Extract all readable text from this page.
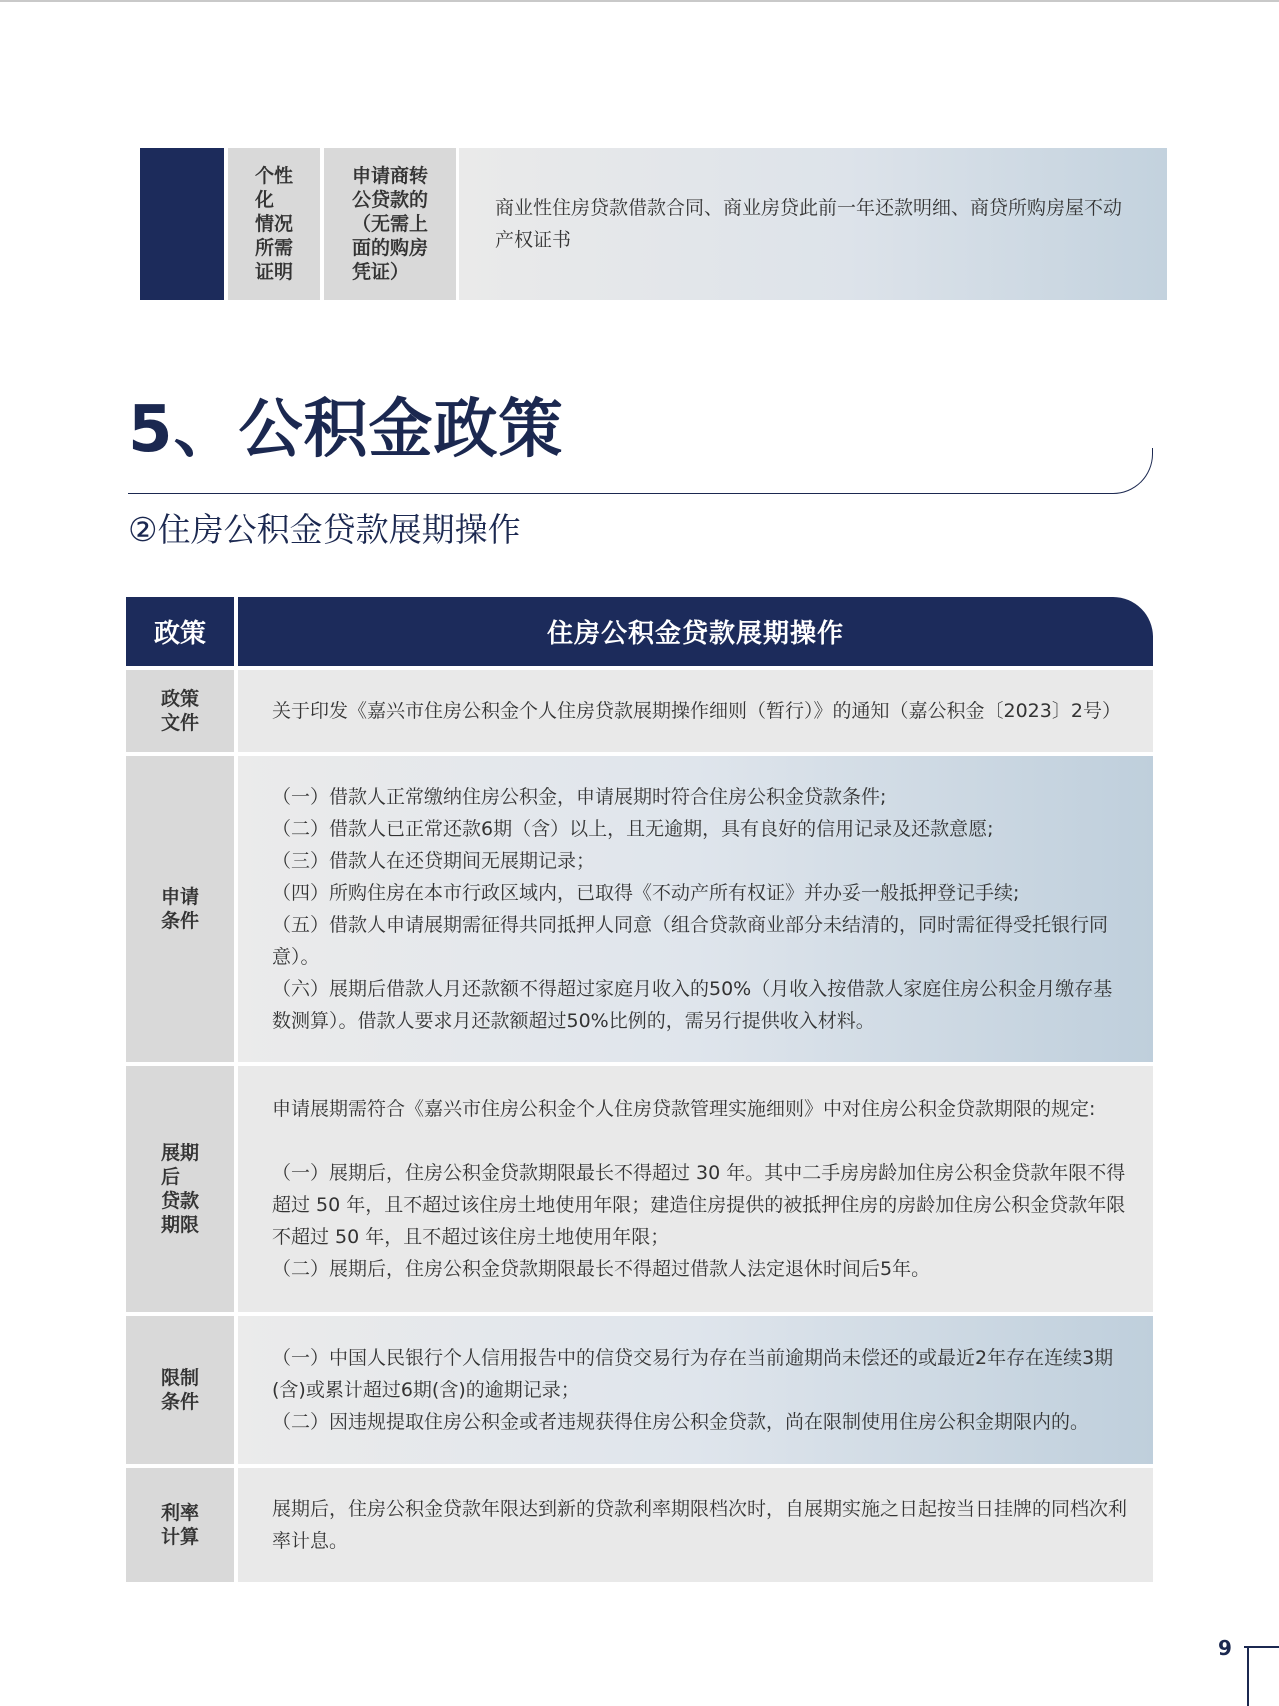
个性
化
情况
所需
证明
申请商转
公贷款的
（无需上
面的购房
凭证）
商业性住房贷款借款合同、商业房贷此前一年还款明细、商贷所购房屋不动产权证书
5、公积金政策
②住房公积金贷款展期操作
政策	住房公积金贷款展期操作
政策
文件

关于印发《嘉兴市住房公积金个人住房贷款展期操作细则（暂行）》的通知（嘉公积金〔2023〕2号）

申请
条件

（一）借款人正常缴纳住房公积金，申请展期时符合住房公积金贷款条件;

（二）借款人已正常还款6期（含）以上，且无逾期，具有良好的信用记录及还款意愿;

（三）借款人在还贷期间无展期记录；

（四）所购住房在本市行政区域内，已取得《不动产所有权证》并办妥一般抵押登记手续;

（五）借款人申请展期需征得共同抵押人同意（组合贷款商业部分未结清的，同时需征得受托银行同意）。

（六）展期后借款人月还款额不得超过家庭月收入的50%（月收入按借款人家庭住房公积金月缴存基数测算）。借款人要求月还款额超过50%比例的，需另行提供收入材料。

展期
后
贷款
期限

申请展期需符合《嘉兴市住房公积金个人住房贷款管理实施细则》中对住房公积金贷款期限的规定:

（一）展期后，住房公积金贷款期限最长不得超过 30 年。其中二手房房龄加住房公积金贷款年限不得超过 50 年，且不超过该住房土地使用年限；建造住房提供的被抵押住房的房龄加住房公积金贷款年限不超过 50 年，且不超过该住房土地使用年限；

（二）展期后，住房公积金贷款期限最长不得超过借款人法定退休时间后5年。

限制
条件

（一）中国人民银行个人信用报告中的信贷交易行为存在当前逾期尚未偿还的或最近2年存在连续3期(含)或累计超过6期(含)的逾期记录；

（二）因违规提取住房公积金或者违规获得住房公积金贷款，尚在限制使用住房公积金期限内的。

利率
计算

展期后，住房公积金贷款年限达到新的贷款利率期限档次时，自展期实施之日起按当日挂牌的同档次利率计息。

9
